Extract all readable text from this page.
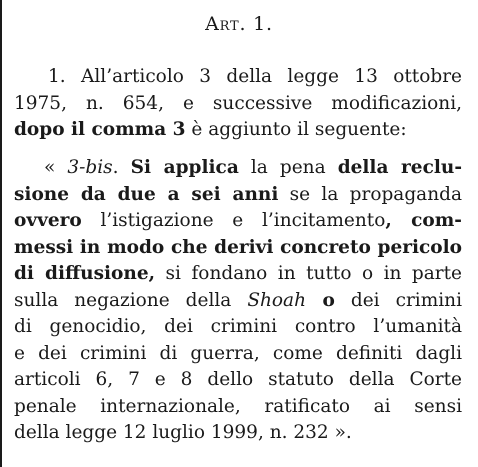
Art. 1.
1. All’articolo 3 della legge 13 ottobre
1975, n. 654, e successive modificazioni,
dopo il comma 3 è aggiunto il seguente:
« 3-bis. Si applica la pena della reclu-
sione da due a sei anni se la propaganda
ovvero l’istigazione e l’incitamento, com-
messi in modo che derivi concreto pericolo
di diffusione, si fondano in tutto o in parte
sulla negazione della Shoah o dei crimini
di genocidio, dei crimini contro l’umanità
e dei crimini di guerra, come definiti dagli
articoli 6, 7 e 8 dello statuto della Corte
penale internazionale, ratificato ai sensi
della legge 12 luglio 1999, n. 232 ».
